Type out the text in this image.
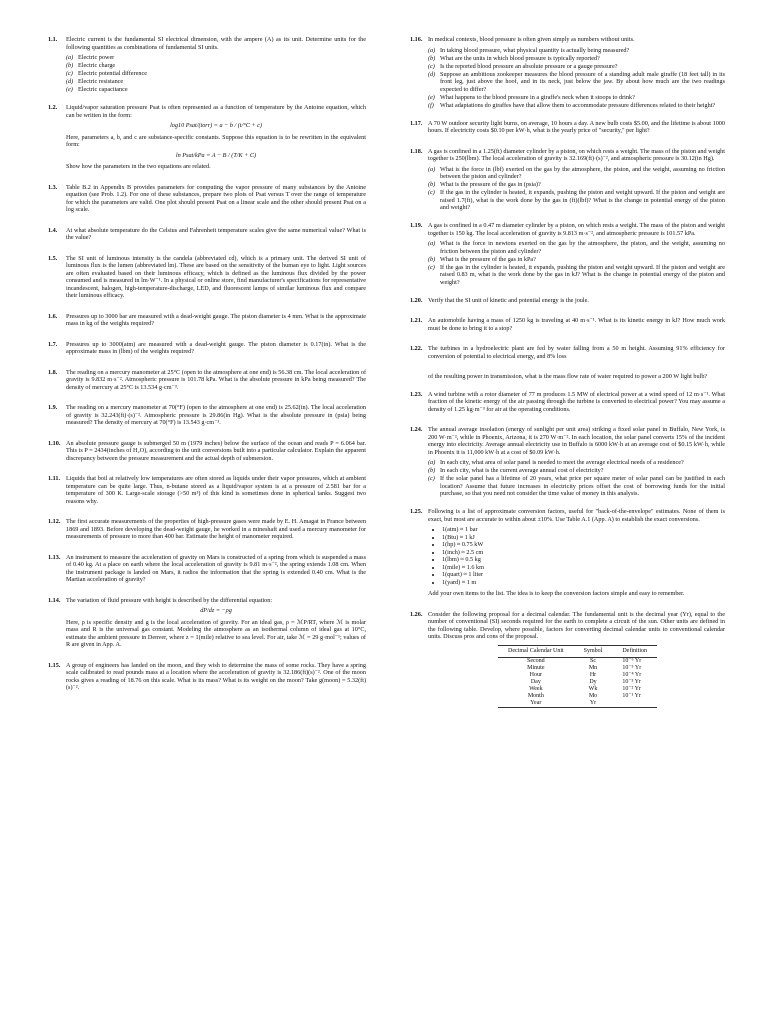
1.1.	Electric current is the fundamental SI electrical dimension, with the ampere (A) as its unit. Determine units for the following quantities as combinations of fundamental SI units.

(a) Electric power
(b) Electric charge
(c) Electric potential difference
(d) Electric resistance
(e) Electric capacitance
1.2.	Liquid/vapor saturation pressure Psat is often represented as a function of temperature by the Antoine equation, which can be written in the form:

log10 Psat/(torr) = a − b / (t/°C + c)

Here, parameters a, b, and c are substance-specific constants. Suppose this equation is to be rewritten in the equivalent form:

ln Psat/kPa = A − B / (T/K + C)

Show how the parameters in the two equations are related.

1.3.	Table B.2 in Appendix B provides parameters for computing the vapor pressure of many substances by the Antoine equation (see Prob. 1.2). For one of these substances, prepare two plots of Psat versus T over the range of temperature for which the parameters are valid. One plot should present Psat on a linear scale and the other should present Psat on a log scale.

1.4.	At what absolute temperature do the Celsius and Fahrenheit temperature scales give the same numerical value? What is the value?

1.5.	The SI unit of luminous intensity is the candela (abbreviated cd), which is a primary unit. The derived SI unit of luminous flux is the lumen (abbreviated lm). These are based on the sensitivity of the human eye to light. Light sources are often evaluated based on their luminous efficacy, which is defined as the luminous flux divided by the power consumed and is measured in lm·W⁻¹. In a physical or online store, find manufacturer's specifications for representative incandescent, halogen, high-temperature-discharge, LED, and fluorescent lamps of similar luminous flux and compare their luminous efficacy.

1.6.	Pressures up to 3000 bar are measured with a dead-weight gauge. The piston diameter is 4 mm. What is the approximate mass in kg of the weights required?

1.7.	Pressures up to 3000(atm) are measured with a dead-weight gauge. The piston diameter is 0.17(in). What is the approximate mass in (lbm) of the weights required?

1.8.	The reading on a mercury manometer at 25°C (open to the atmosphere at one end) is 56.38 cm. The local acceleration of gravity is 9.832 m·s⁻². Atmospheric pressure is 101.78 kPa. What is the absolute pressure in kPa being measured? The density of mercury at 25°C is 13.534 g·cm⁻³.

1.9.	The reading on a mercury manometer at 70(°F) (open to the atmosphere at one end) is 25.62(in). The local acceleration of gravity is 32.243(ft)·(s)⁻². Atmospheric pressure is 29.86(in Hg). What is the absolute pressure in (psia) being measured? The density of mercury at 70(°F) is 13.543 g·cm⁻³.

1.10. An absolute pressure gauge is submerged 50 m (1979 inches) below the surface of the ocean and reads P = 6.064 bar. This is P = 2434(inches of H₂O), according to the unit conversions built into a particular calculator. Explain the apparent discrepancy between the pressure measurement and the actual depth of submersion.

1.11. Liquids that boil at relatively low temperatures are often stored as liquids under their vapor pressures, which at ambient temperature can be quite large. Thus, n-butane stored as a liquid/vapor system is at a pressure of 2.581 bar for a temperature of 300 K. Large-scale storage (>50 m³) of this kind is sometimes done in spherical tanks. Suggest two reasons why.

1.12. The first accurate measurements of the properties of high-pressure gases were made by E. H. Amagat in France between 1869 and 1893. Before developing the dead-weight gauge, he worked in a mineshaft and used a mercury manometer for measurements of pressure to more than 400 bar. Estimate the height of manometer required.

1.13. An instrument to measure the acceleration of gravity on Mars is constructed of a spring from which is suspended a mass of 0.40 kg. At a place on earth where the local acceleration of gravity is 9.81 m·s⁻², the spring extends 1.08 cm. When the instrument package is landed on Mars, it radios the information that the spring is extended 0.40 cm. What is the Martian acceleration of gravity?

1.14. The variation of fluid pressure with height is described by the differential equation:

dP/dz = −ρg

Here, ρ is specific density and g is the local acceleration of gravity. For an ideal gas, ρ = ℳP/RT, where ℳ is molar mass and R is the universal gas constant. Modeling the atmosphere as an isothermal column of ideal gas at 10°C, estimate the ambient pressure in Denver, where z = 1(mile) relative to sea level. For air, take ℳ = 29 g·mol⁻¹; values of R are given in App. A.

1.15. A group of engineers has landed on the moon, and they wish to determine the mass of some rocks. They have a spring scale calibrated to read pounds mass at a location where the acceleration of gravity is 32.186(ft)(s)⁻². One of the moon rocks gives a reading of 18.76 on this scale. What is its mass? What is its weight on the moon? Take g(moon) = 5.32(ft)(s)⁻².

1.16. In medical contexts, blood pressure is often given simply as numbers without units.

(a) In taking blood pressure, what physical quantity is actually being measured?
(b) What are the units in which blood pressure is typically reported?
(c) Is the reported blood pressure an absolute pressure or a gauge pressure?
(d) Suppose an ambitious zookeeper measures the blood pressure of a standing adult male giraffe (18 feet tall) in its front leg, just above the hoof, and in its neck, just below the jaw. By about how much are the two readings expected to differ?
(e) What happens to the blood pressure in a giraffe's neck when it stoops to drink?
(f) What adaptations do giraffes have that allow them to accommodate pressure differences related to their height?
1.17. A 70 W outdoor security light burns, on average, 10 hours a day. A new bulb costs $5.00, and the lifetime is about 1000 hours. If electricity costs $0.10 per kW·h, what is the yearly price of "security," per light?

1.18. A gas is confined in a 1.25(ft) diameter cylinder by a piston, on which rests a weight. The mass of the piston and weight together is 250(lbm). The local acceleration of gravity is 32.169(ft)·(s)⁻², and atmospheric pressure is 30.12(in Hg).

(a) What is the force in (lbf) exerted on the gas by the atmosphere, the piston, and the weight, assuming no friction between the piston and cylinder?
(b) What is the pressure of the gas in (psia)?
(c) If the gas in the cylinder is heated, it expands, pushing the piston and weight upward. If the piston and weight are raised 1.7(ft), what is the work done by the gas in (ft)(lbf)? What is the change in potential energy of the piston and weight?
1.19. A gas is confined in a 0.47 m diameter cylinder by a piston, on which rests a weight. The mass of the piston and weight together is 150 kg. The local acceleration of gravity is 9.813 m·s⁻², and atmospheric pressure is 101.57 kPa.

(a) What is the force in newtons exerted on the gas by the atmosphere, the piston, and the weight, assuming no friction between the piston and cylinder?
(b) What is the pressure of the gas in kPa?
(c) If the gas in the cylinder is heated, it expands, pushing the piston and weight upward. If the piston and weight are raised 0.83 m, what is the work done by the gas in kJ? What is the change in potential energy of the piston and weight?
1.20. Verify that the SI unit of kinetic and potential energy is the joule.

1.21. An automobile having a mass of 1250 kg is traveling at 40 m·s⁻¹. What is its kinetic energy in kJ? How much work must be done to bring it to a stop?

1.22. The turbines in a hydroelectric plant are fed by water falling from a 50 m height. Assuming 91% efficiency for conversion of potential to electrical energy, and 8% loss

of the resulting power in transmission, what is the mass flow rate of water required to power a 200 W light bulb?
1.23. A wind turbine with a rotor diameter of 77 m produces 1.5 MW of electrical power at a wind speed of 12 m·s⁻¹. What fraction of the kinetic energy of the air passing through the turbine is converted to electrical power? You may assume a density of 1.25 kg·m⁻³ for air at the operating conditions.

1.24. The annual average insolation (energy of sunlight per unit area) striking a fixed solar panel in Buffalo, New York, is 200 W·m⁻², while in Phoenix, Arizona, it is 270 W·m⁻². In each location, the solar panel converts 15% of the incident energy into electricity. Average annual electricity use in Buffalo is 6000 kW·h at an average cost of $0.15 kW·h, while in Phoenix it is 11,000 kW·h at a cost of $0.09 kW·h.

(a) In each city, what area of solar panel is needed to meet the average electrical needs of a residence?
(b) In each city, what is the current average annual cost of electricity?
(c) If the solar panel has a lifetime of 20 years, what price per square meter of solar panel can be justified in each location? Assume that future increases in electricity prices offset the cost of borrowing funds for the initial purchase, so that you need not consider the time value of money in this analysis.
1.25. Following is a list of approximate conversion factors, useful for "back-of-the-envelope" estimates. None of them is exact, but most are accurate to within about ±10%. Use Table A.1 (App. A) to establish the exact conversions.

• 1(atm) ≈ 1 bar
• 1(Btu) ≈ 1 kJ
• 1(hp) ≈ 0.75 kW
• 1(inch) ≈ 2.5 cm
• 1(lbm) ≈ 0.5 kg
• 1(mile) ≈ 1.6 km
• 1(quart) ≈ 1 liter
• 1(yard) ≈ 1 m

Add your own items to the list. The idea is to keep the conversion factors simple and easy to remember.

1.26. Consider the following proposal for a decimal calendar. The fundamental unit is the decimal year (Yr), equal to the number of conventional (SI) seconds required for the earth to complete a circuit of the sun. Other units are defined in the following table. Develop, where possible, factors for converting decimal calendar units to conventional calendar units. Discuss pros and cons of the proposal.

Decimal Calendar Unit	Symbol	Definition
Second	Sc	10⁻⁶ Yr
Minute	Mn	10⁻⁵ Yr
Hour	Hr	10⁻⁴ Yr
Day	Dy	10⁻³ Yr
Week	Wk	10⁻² Yr
Month	Mo	10⁻¹ Yr
Year	Yr	
